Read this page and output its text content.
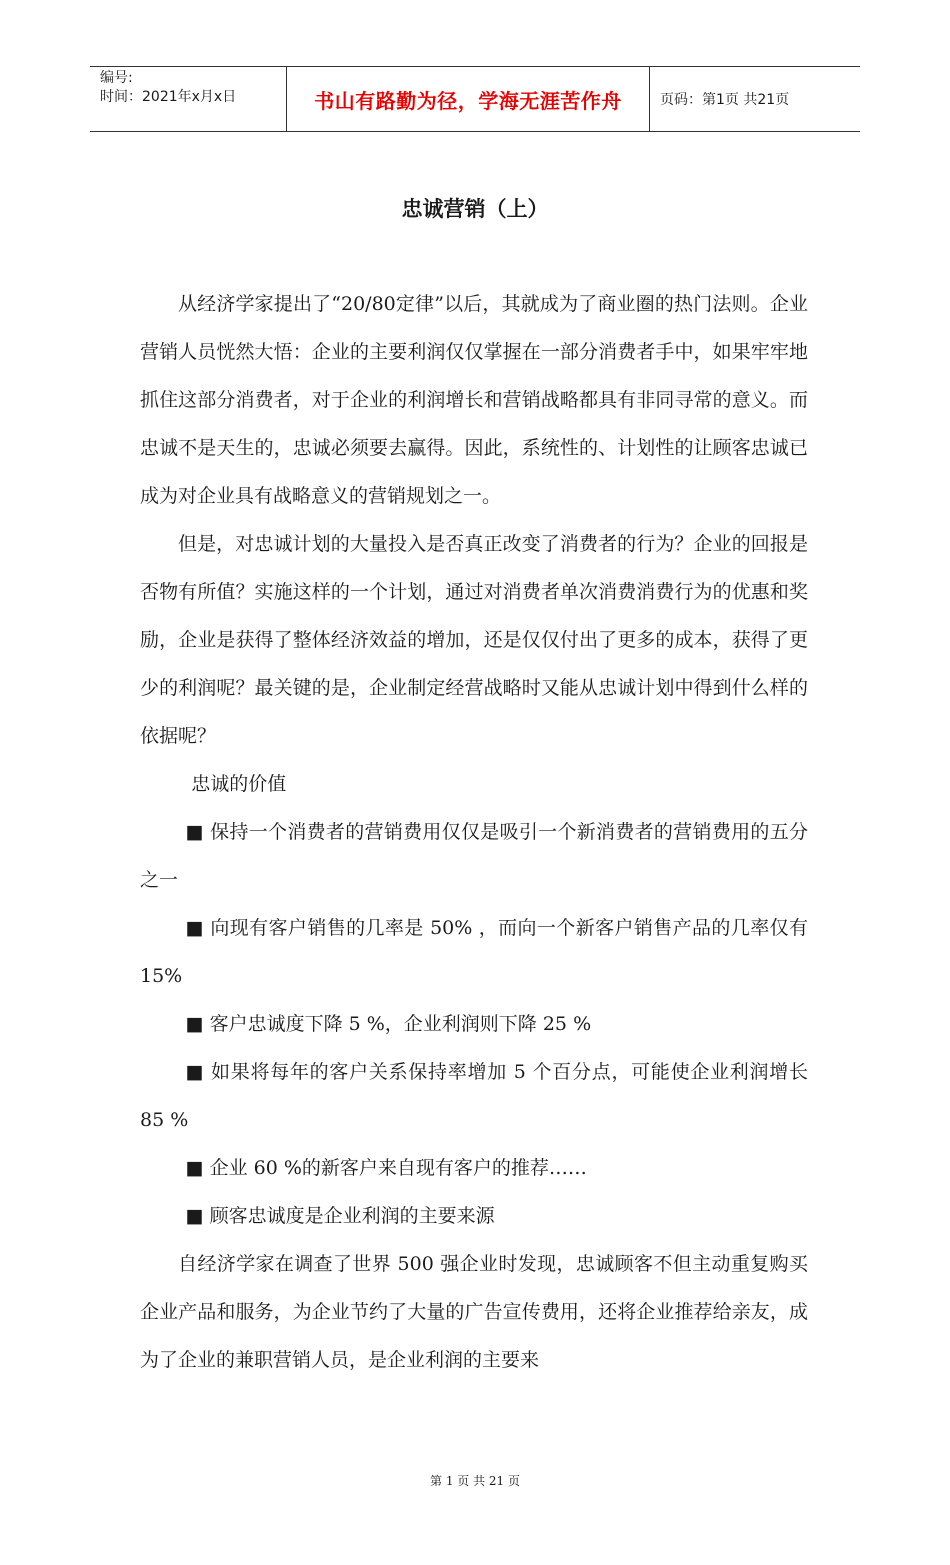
编号:
时间：2021年x月x日	书山有路勤为径，学海无涯苦作舟	页码：第1页 共21页
忠诚营销（上）

从经济学家提出了“20/80定律”以后，其就成为了商业圈的热门法则。企业营销人员恍然大悟：企业的主要利润仅仅掌握在一部分消费者手中，如果牢牢地抓住这部分消费者，对于企业的利润增长和营销战略都具有非同寻常的意义。而忠诚不是天生的，忠诚必须要去赢得。因此，系统性的、计划性的让顾客忠诚已成为对企业具有战略意义的营销规划之一。

但是，对忠诚计划的大量投入是否真正改变了消费者的行为？企业的回报是否物有所值？实施这样的一个计划，通过对消费者单次消费消费行为的优惠和奖励，企业是获得了整体经济效益的增加，还是仅仅付出了更多的成本，获得了更少的利润呢？最关键的是，企业制定经营战略时又能从忠诚计划中得到什么样的依据呢？

忠诚的价值

■ 保持一个消费者的营销费用仅仅是吸引一个新消费者的营销费用的五分之一

■ 向现有客户销售的几率是 50% ，而向一个新客户销售产品的几率仅有 15%

■ 客户忠诚度下降 5 %，企业利润则下降 25 %

■ 如果将每年的客户关系保持率增加 5 个百分点，可能使企业利润增长 85 %

■ 企业 60 %的新客户来自现有客户的推荐……

■ 顾客忠诚度是企业利润的主要来源

自经济学家在调查了世界 500 强企业时发现，忠诚顾客不但主动重复购买企业产品和服务，为企业节约了大量的广告宣传费用，还将企业推荐给亲友，成为了企业的兼职营销人员，是企业利润的主要来

第 1 页 共 21 页
